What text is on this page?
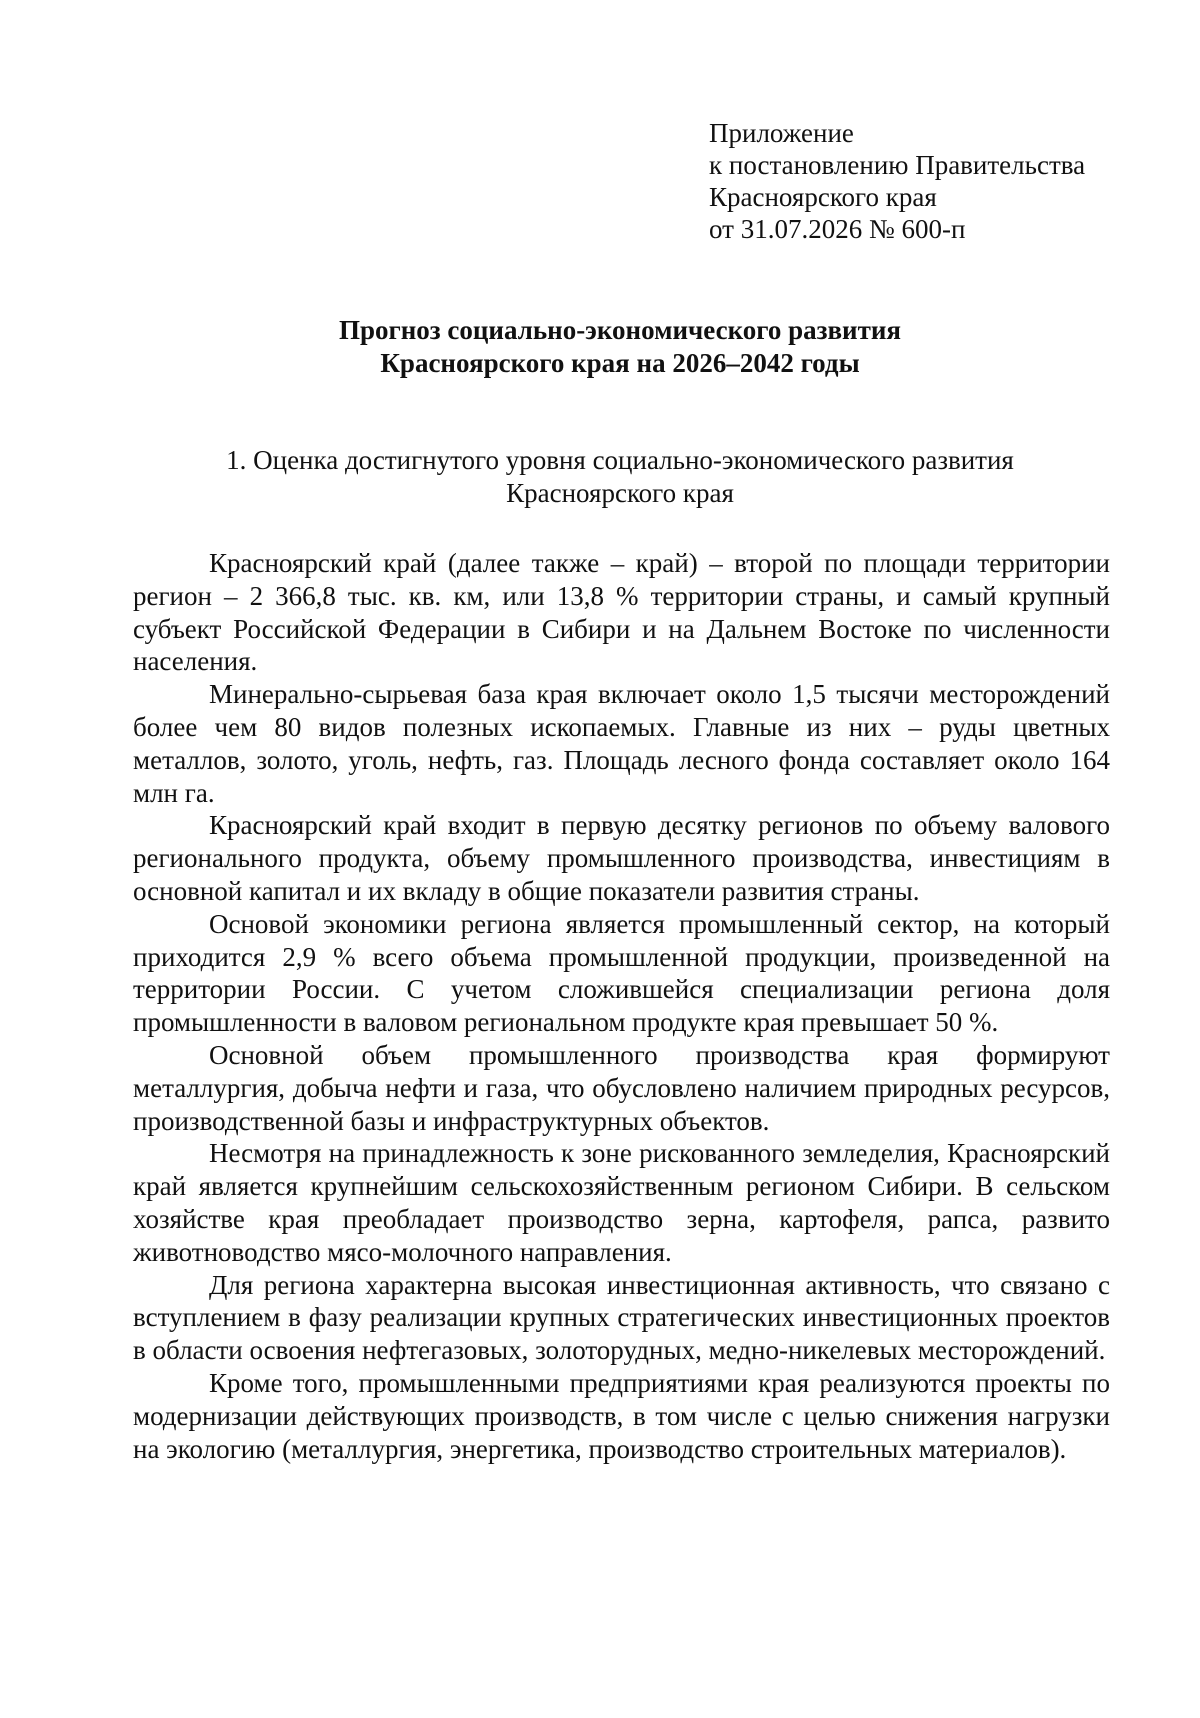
Приложение
к постановлению Правительства
Красноярского края
от 31.07.2026 № 600-п
Прогноз социально-экономического развития
Красноярского края на 2026–2042 годы
1. Оценка достигнутого уровня социально-экономического развития
Красноярского края

Красноярский край (далее также – край) – второй по площади территории регион – 2 366,8 тыс. кв. км, или 13,8 % территории страны, и самый крупный субъект Российской Федерации в Сибири и на Дальнем Востоке по численности населения.

Минерально-сырьевая база края включает около 1,5 тысячи месторождений более чем 80 видов полезных ископаемых. Главные из них – руды цветных металлов, золото, уголь, нефть, газ. Площадь лесного фонда составляет около 164 млн га.

Красноярский край входит в первую десятку регионов по объему валового регионального продукта, объему промышленного производства, инвестициям в основной капитал и их вкладу в общие показатели развития страны.

Основой экономики региона является промышленный сектор, на который приходится 2,9 % всего объема промышленной продукции, произведенной на территории России. С учетом сложившейся специализации региона доля промышленности в валовом региональном продукте края превышает 50 %.

Основной объем промышленного производства края формируют металлургия, добыча нефти и газа, что обусловлено наличием природных ресурсов, производственной базы и инфраструктурных объектов.

Несмотря на принадлежность к зоне рискованного земледелия, Красноярский край является крупнейшим сельскохозяйственным регионом Сибири. В сельском хозяйстве края преобладает производство зерна, картофеля, рапса, развито животноводство мясо-молочного направления.

Для региона характерна высокая инвестиционная активность, что связано с вступлением в фазу реализации крупных стратегических инвестиционных проектов в области освоения нефтегазовых, золоторудных, медно-никелевых месторождений.

Кроме того, промышленными предприятиями края реализуются проекты по модернизации действующих производств, в том числе с целью снижения нагрузки на экологию (металлургия, энергетика, производство строительных материалов).
